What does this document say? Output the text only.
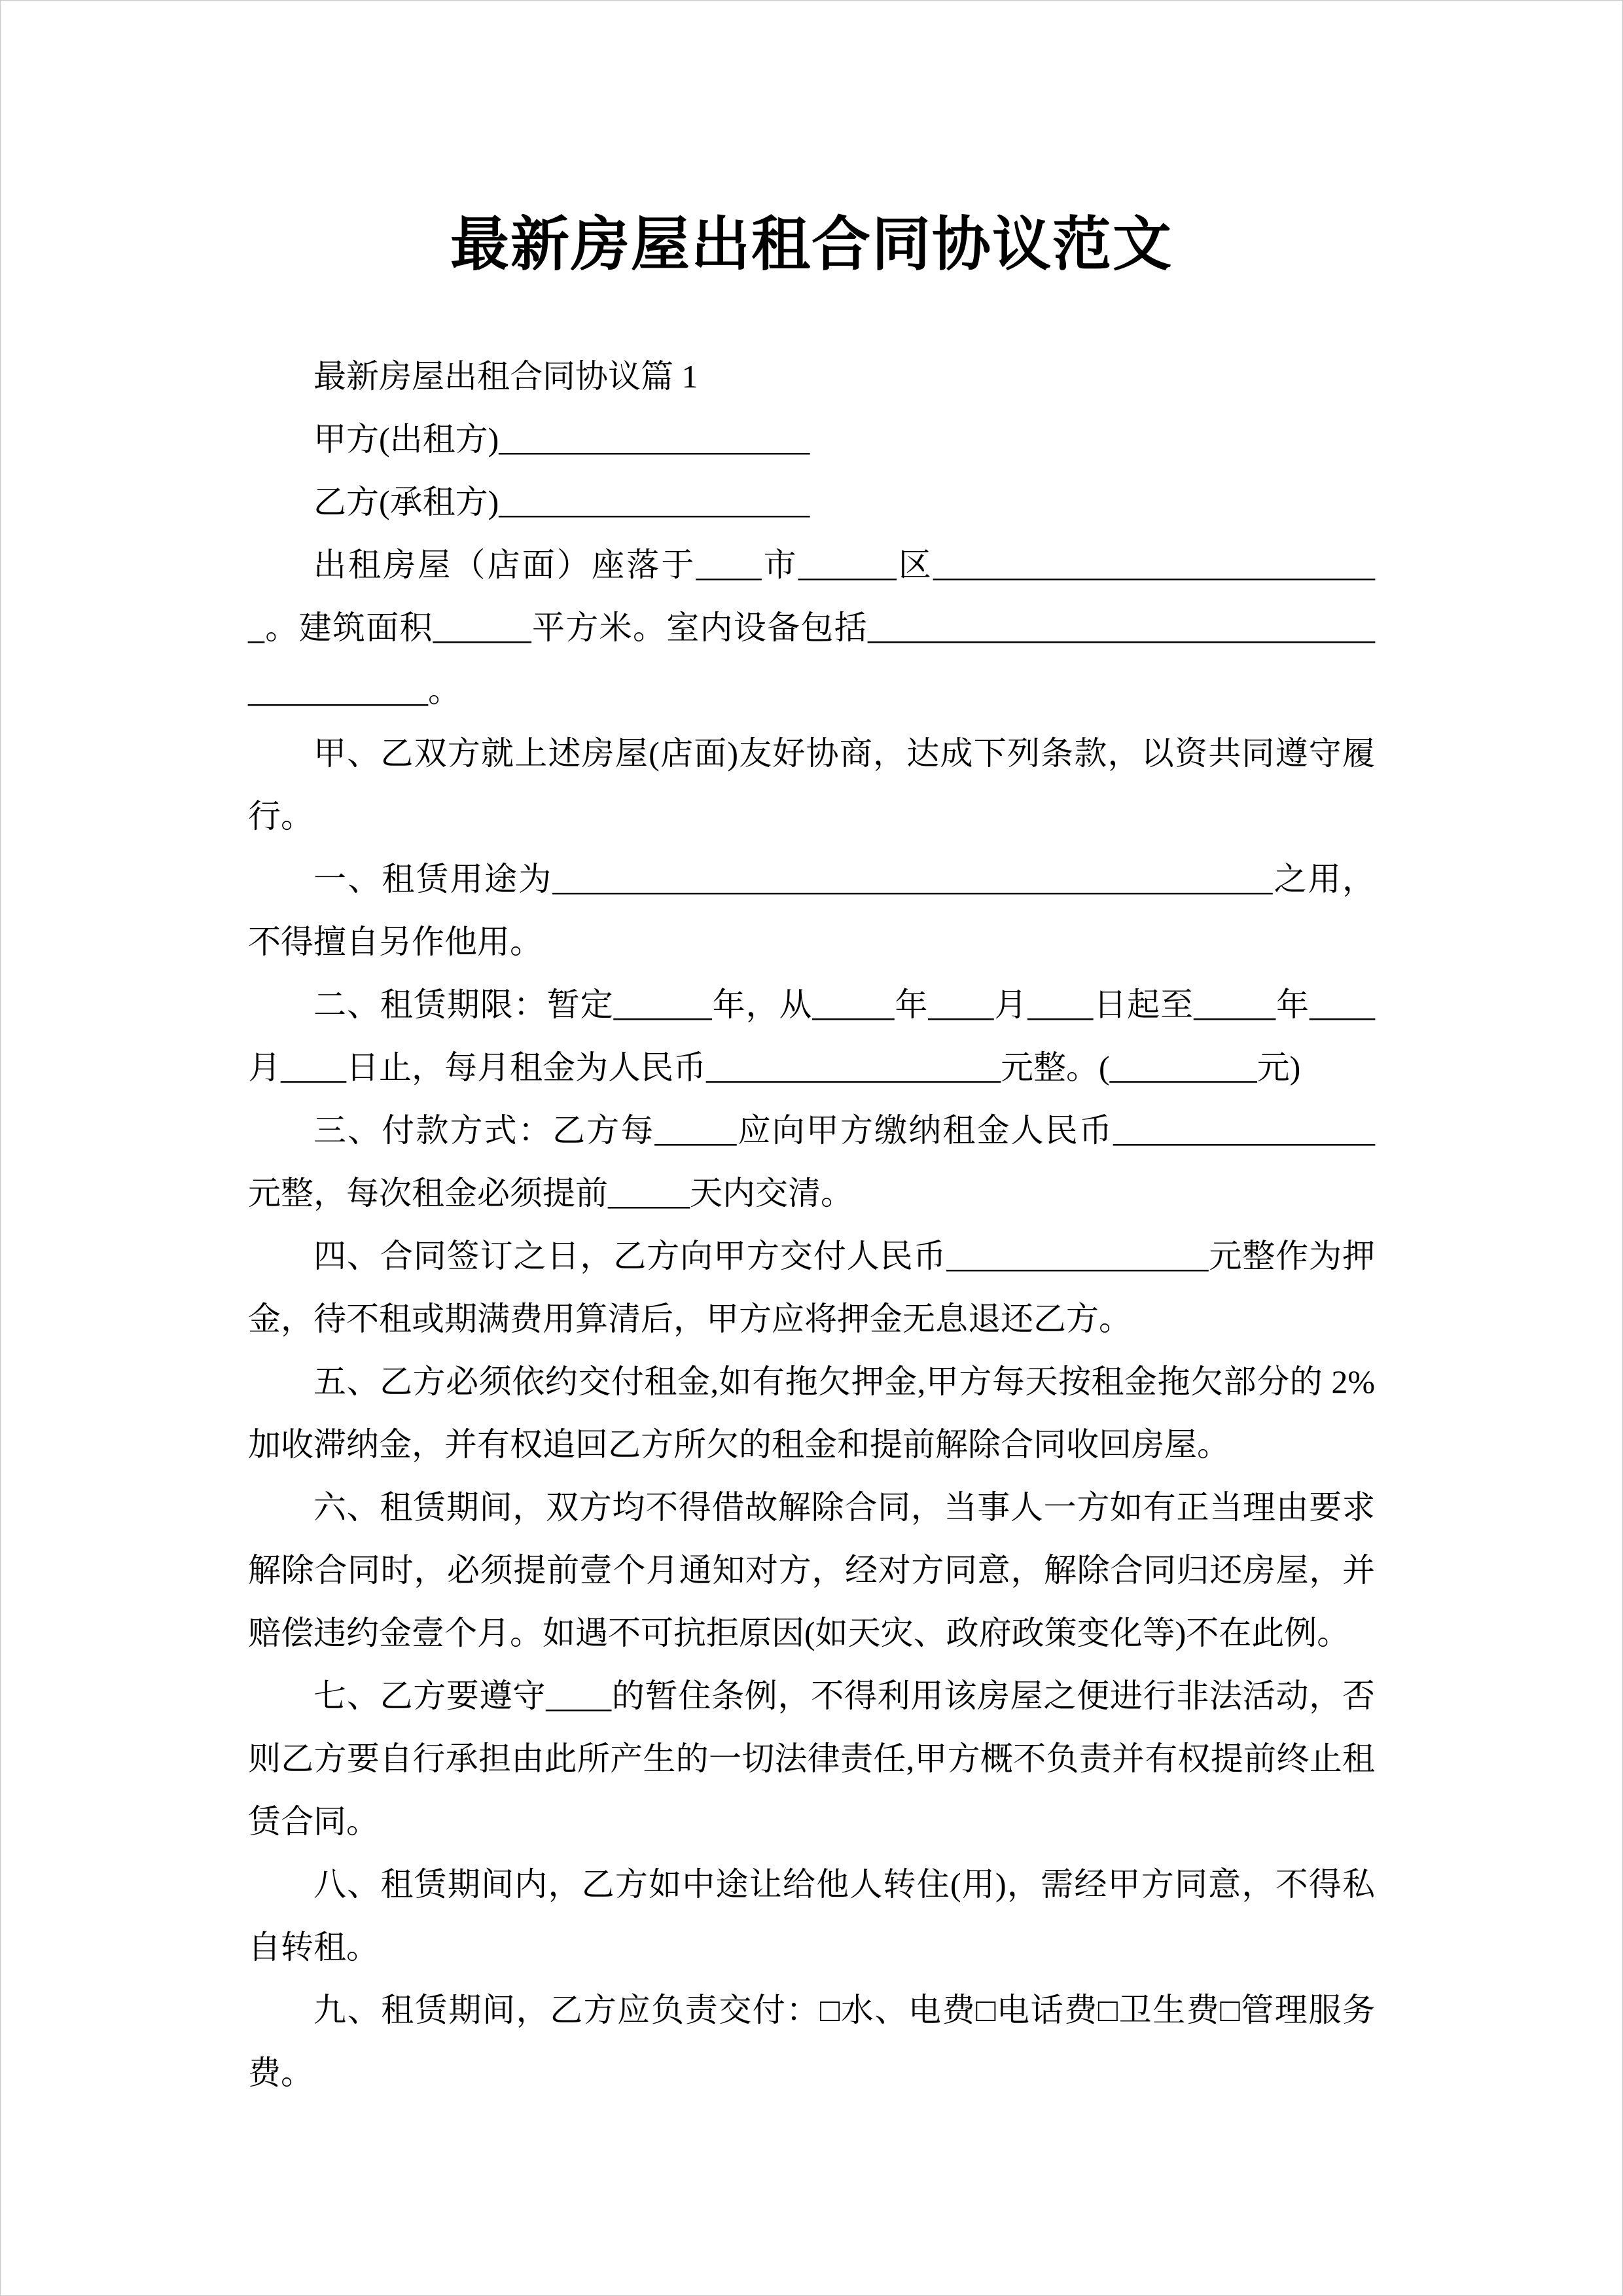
最新房屋出租合同协议范文

最新房屋出租合同协议篇 1

甲方(出租方)___________________

乙方(承租方)___________________

出租房屋（店面）座落于____市______区____________________________。建筑面积______平方米。室内设备包括__________________________________________。

甲、乙双方就上述房屋(店面)友好协商，达成下列条款，以资共同遵守履行。

一、租赁用途为____________________________________________之用，不得擅自另作他用。

二、租赁期限：暂定______年，从_____年____月____日起至_____年____月____日止，每月租金为人民币__________________元整。(_________元)

三、付款方式：乙方每_____应向甲方缴纳租金人民币________________元整，每次租金必须提前_____天内交清。

四、合同签订之日，乙方向甲方交付人民币________________元整作为押金，待不租或期满费用算清后，甲方应将押金无息退还乙方。

五、乙方必须依约交付租金,如有拖欠押金,甲方每天按租金拖欠部分的 2%加收滞纳金，并有权追回乙方所欠的租金和提前解除合同收回房屋。

六、租赁期间，双方均不得借故解除合同，当事人一方如有正当理由要求解除合同时，必须提前壹个月通知对方，经对方同意，解除合同归还房屋，并赔偿违约金壹个月。如遇不可抗拒原因(如天灾、政府政策变化等)不在此例。

七、乙方要遵守____的暂住条例，不得利用该房屋之便进行非法活动，否则乙方要自行承担由此所产生的一切法律责任,甲方概不负责并有权提前终止租赁合同。

八、租赁期间内，乙方如中途让给他人转住(用)，需经甲方同意，不得私自转租。

九、租赁期间，乙方应负责交付：□水、电费□电话费□卫生费□管理服务费。
